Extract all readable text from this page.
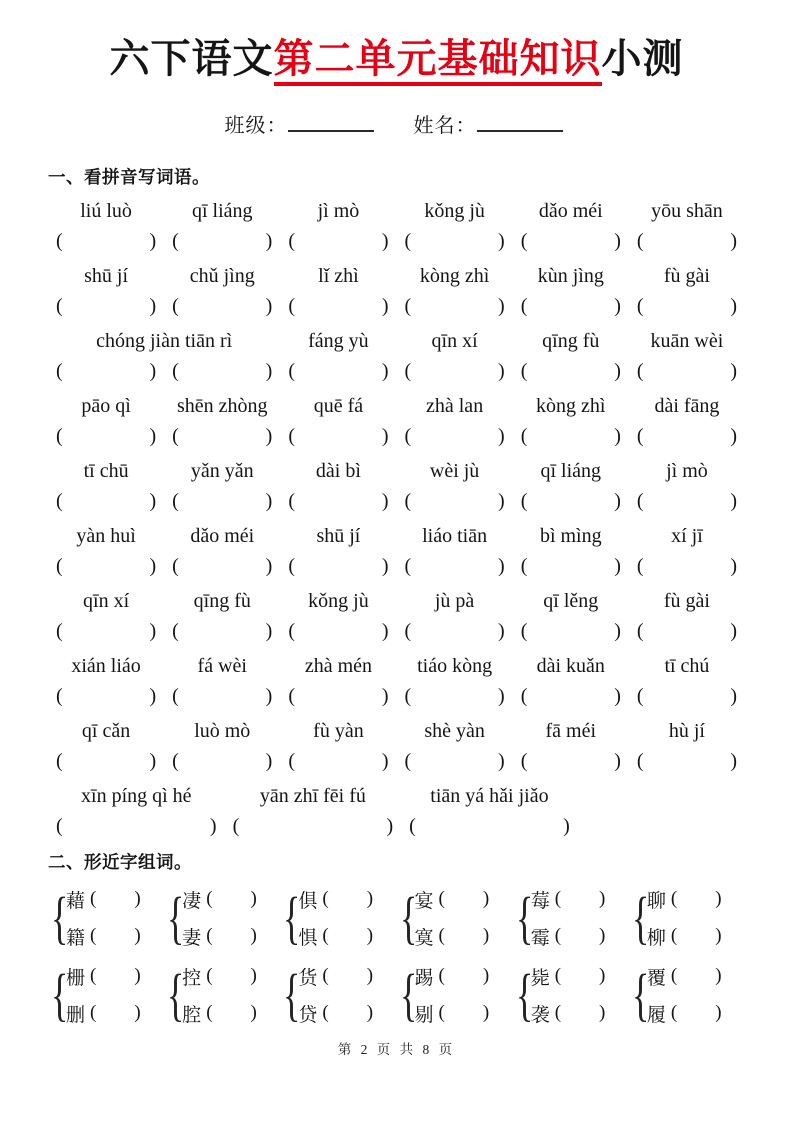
六下语文第二单元基础知识小测
班级：	姓名：
一、看拼音写词语。
liú luò	qī liáng	jì mò	kǒng jù	dǎo méi	yōu shān
(	) (	) (	) (	) (	) (	)
shū jí	chǔ jìng	lǐ zhì	kòng zhì	kùn jìng	fù gài
(	) (	) (	) (	) (	) (	)
chóng jiàn tiān rì	fáng yù	qīn xí	qīng fù	kuān wèi
(	) (	) (	) (	) (	) (	)
pāo qì	shēn zhòng	quē fá	zhà lan	kòng zhì	dài fāng
(	) (	) (	) (	) (	) (	)
tī chū	yǎn yǎn	dài bì	wèi jù	qī liáng	jì mò
(	) (	) (	) (	) (	) (	)
yàn huì	dǎo méi	shū jí	liáo tiān	bì mìng	xí jī
(	) (	) (	) (	) (	) (	)
qīn xí	qīng fù	kǒng jù	jù pà	qī lěng	fù gài
(	) (	) (	) (	) (	) (	)
xián liáo	fá wèi	zhà mén	tiáo kòng	dài kuǎn	tī chú
(	) (	) (	) (	) (	) (	)
qī cǎn	luò mò	fù yàn	shè yàn	fā méi	hù jí
(	) (	) (	) (	) (	) (	)
xīn píng qì hé	yān zhī fēi fú	tiān yá hǎi jiǎo
(	) (	) (	)
二、形近字组词。
{
藉 ( )
籍 ( ) {
凄 ( )
妻 ( ) {
俱 ( )
惧 ( ) {
宴 ( )
寞 ( ) {
莓 ( )
霉 ( ) {
聊 ( )
柳 ( )
{
栅 ( )
删 ( ) {
控 ( )
腔 ( ) {
货 ( )
贷 ( ) {
踢 ( )
剔 ( ) {
毙 ( )
袭 ( ) {
覆 ( )
履 ( )
第 2 页 共 8 页
